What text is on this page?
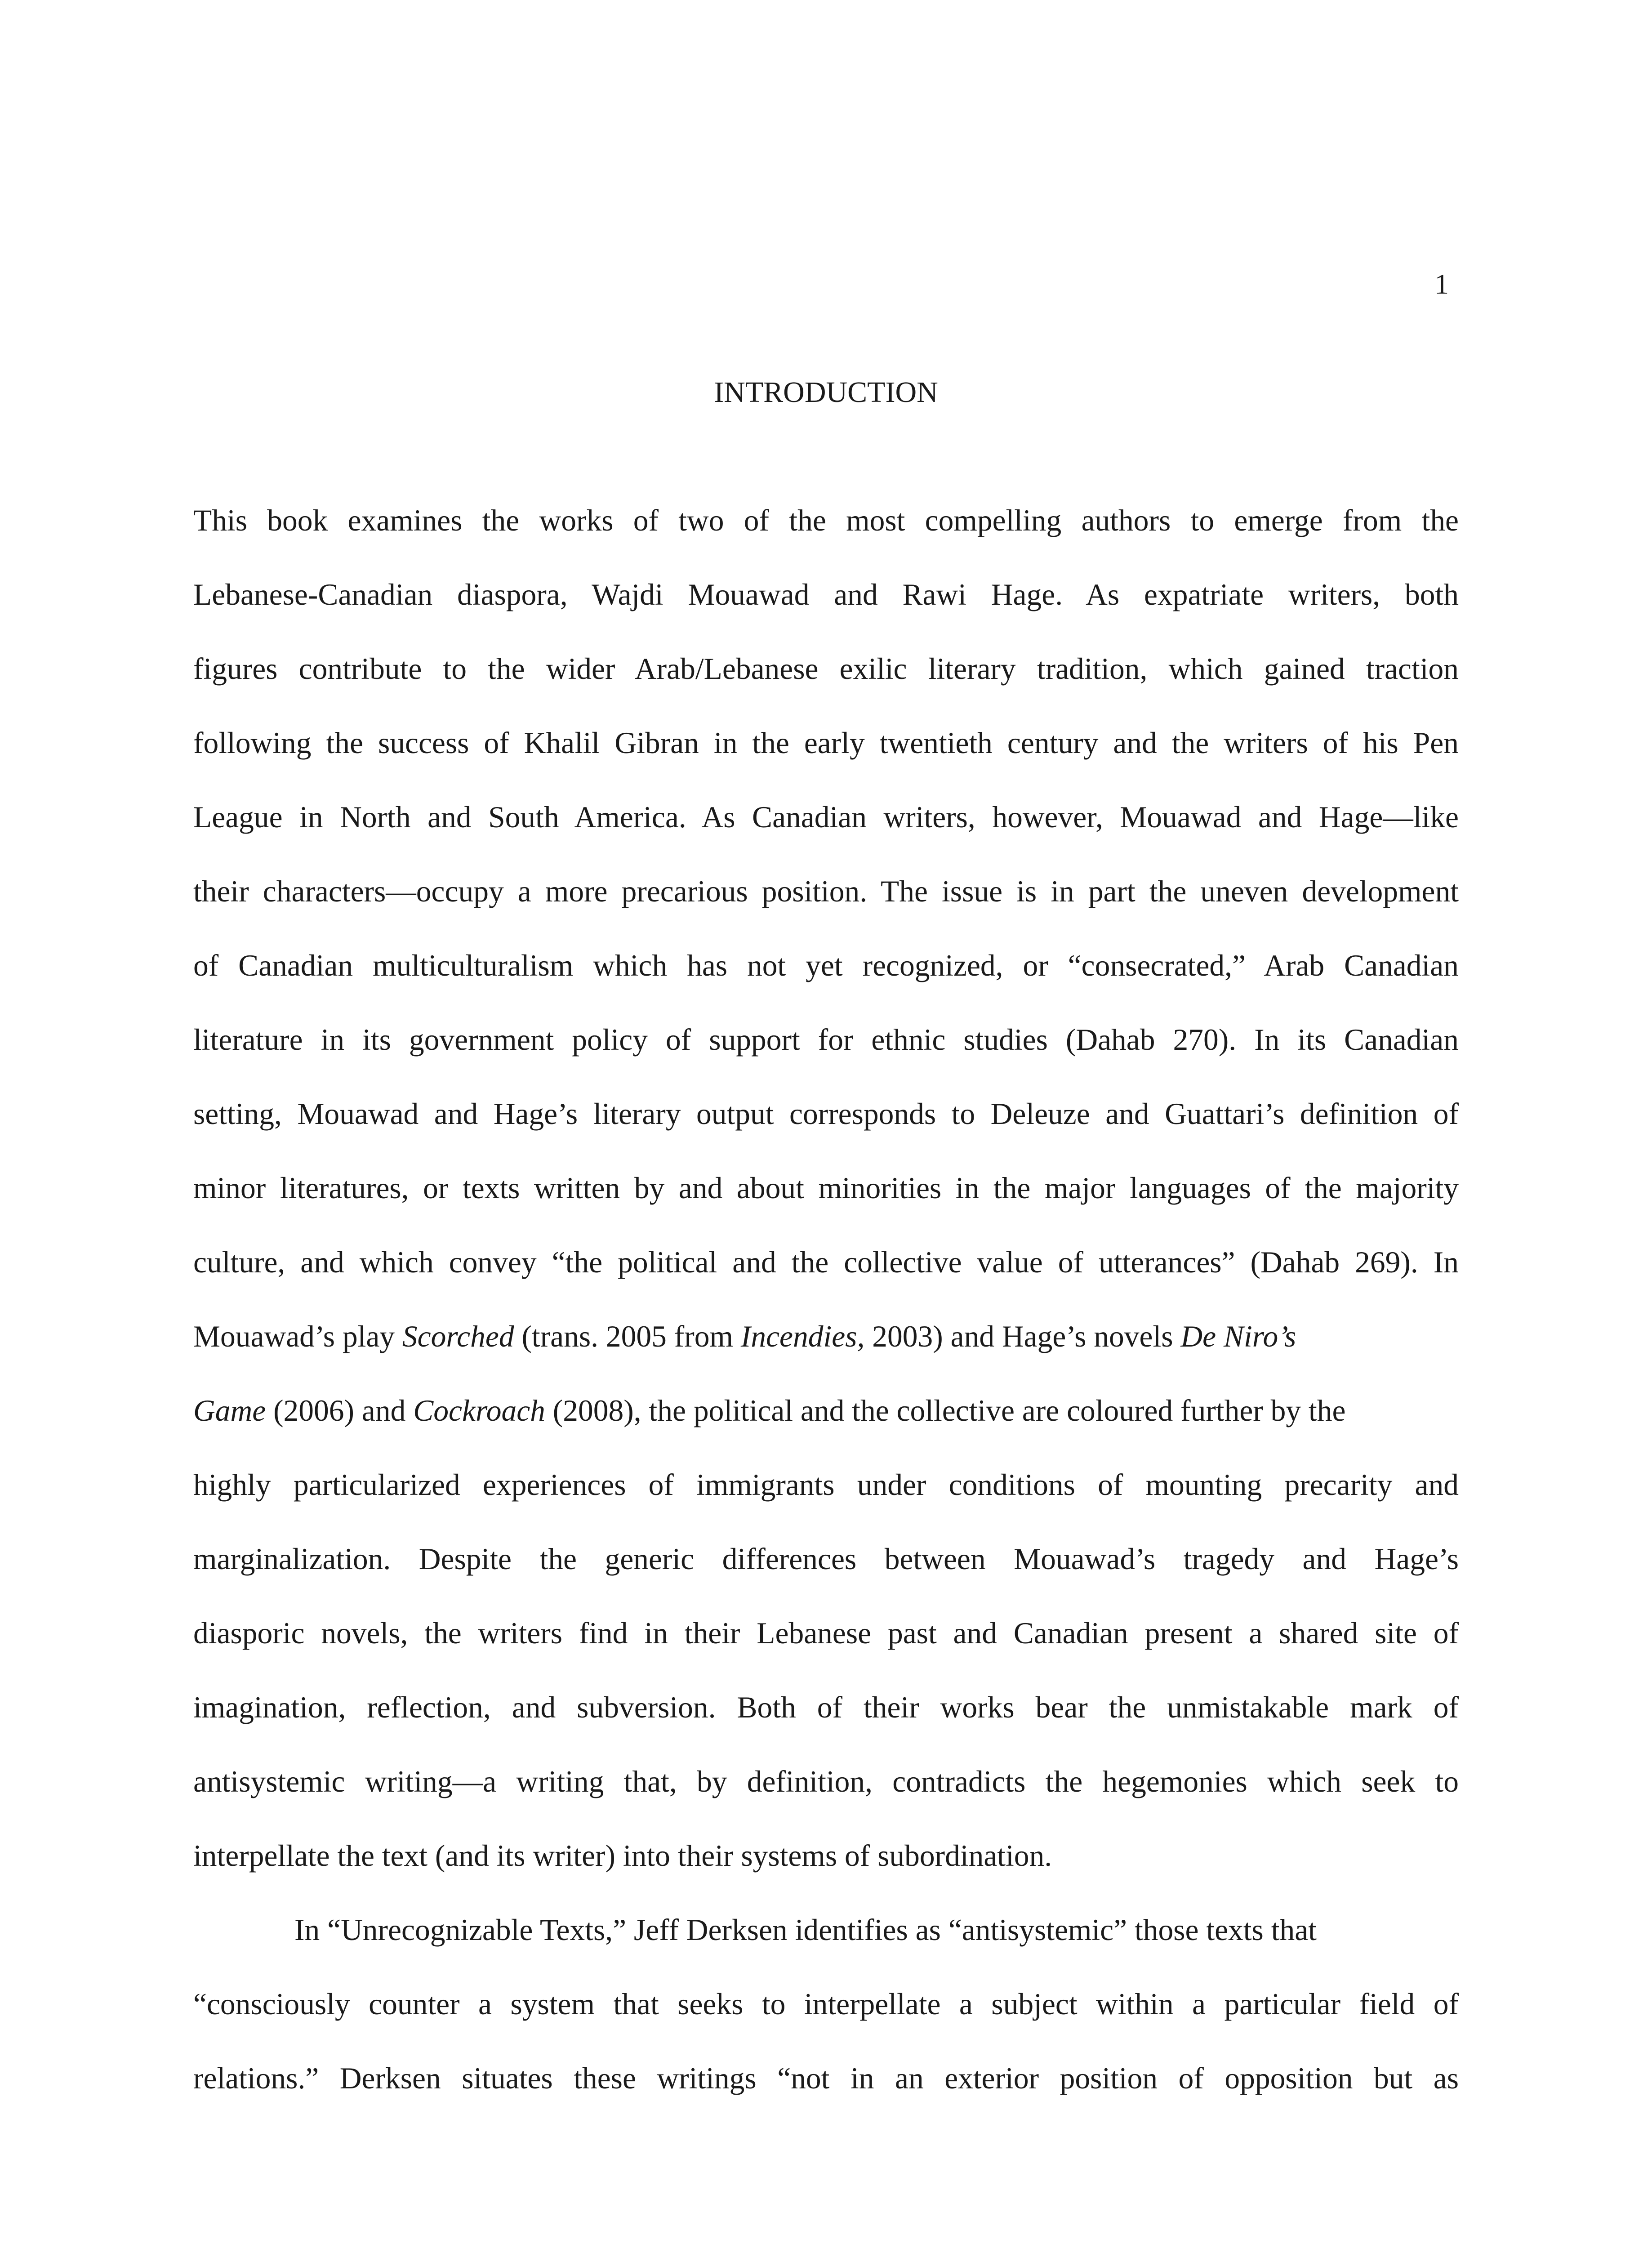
1
INTRODUCTION
This book examines the works of two of the most compelling authors to emerge from the
Lebanese-Canadian diaspora, Wajdi Mouawad and Rawi Hage. As expatriate writers, both
figures contribute to the wider Arab/Lebanese exilic literary tradition, which gained traction
following the success of Khalil Gibran in the early twentieth century and the writers of his Pen
League in North and South America. As Canadian writers, however, Mouawad and Hage—like
their characters—occupy a more precarious position. The issue is in part the uneven development
of Canadian multiculturalism which has not yet recognized, or “consecrated,” Arab Canadian
literature in its government policy of support for ethnic studies (Dahab 270). In its Canadian
setting, Mouawad and Hage’s literary output corresponds to Deleuze and Guattari’s definition of
minor literatures, or texts written by and about minorities in the major languages of the majority
culture, and which convey “the political and the collective value of utterances” (Dahab 269). In
Mouawad’s play Scorched (trans. 2005 from Incendies, 2003) and Hage’s novels De Niro’s
Game (2006) and Cockroach (2008), the political and the collective are coloured further by the
highly particularized experiences of immigrants under conditions of mounting precarity and
marginalization. Despite the generic differences between Mouawad’s tragedy and Hage’s
diasporic novels, the writers find in their Lebanese past and Canadian present a shared site of
imagination, reflection, and subversion. Both of their works bear the unmistakable mark of
antisystemic writing—a writing that, by definition, contradicts the hegemonies which seek to
interpellate the text (and its writer) into their systems of subordination.
In “Unrecognizable Texts,” Jeff Derksen identifies as “antisystemic” those texts that
“consciously counter a system that seeks to interpellate a subject within a particular field of
relations.” Derksen situates these writings “not in an exterior position of opposition but as
